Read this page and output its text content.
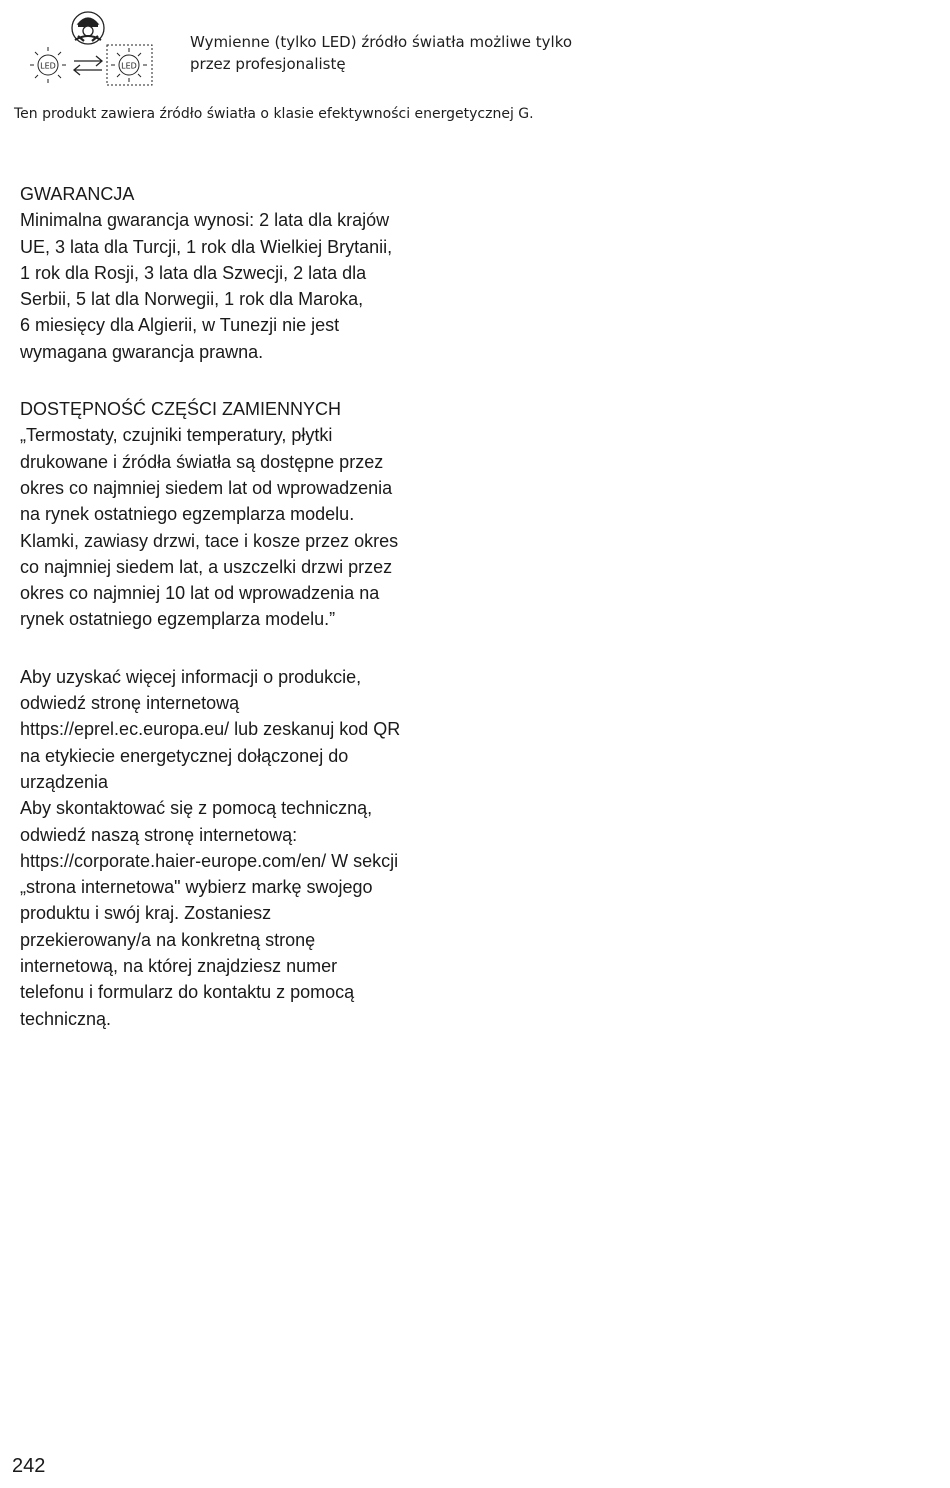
LED	LED
Wymienne (tylko LED) źródło światła możliwe tylko
przez profesjonalistę
Ten produkt zawiera źródło światła o klasie efektywności energetycznej G.
GWARANCJA
Minimalna gwarancja wynosi: 2 lata dla krajów
UE, 3 lata dla Turcji, 1 rok dla Wielkiej Brytanii,
1 rok dla Rosji, 3 lata dla Szwecji, 2 lata dla
Serbii, 5 lat dla Norwegii, 1 rok dla Maroka,
6 miesięcy dla Algierii, w Tunezji nie jest
wymagana gwarancja prawna.
DOSTĘPNOŚĆ CZĘŚCI ZAMIENNYCH
„Termostaty, czujniki temperatury, płytki
drukowane i źródła światła są dostępne przez
okres co najmniej siedem lat od wprowadzenia
na rynek ostatniego egzemplarza modelu.
Klamki, zawiasy drzwi, tace i kosze przez okres
co najmniej siedem lat, a uszczelki drzwi przez
okres co najmniej 10 lat od wprowadzenia na
rynek ostatniego egzemplarza modelu.”
Aby uzyskać więcej informacji o produkcie,
odwiedź stronę internetową
https://eprel.ec.europa.eu/ lub zeskanuj kod QR
na etykiecie energetycznej dołączonej do
urządzenia
Aby skontaktować się z pomocą techniczną,
odwiedź naszą stronę internetową:
https://corporate.haier-europe.com/en/ W sekcji
„strona internetowa" wybierz markę swojego
produktu i swój kraj. Zostaniesz
przekierowany/a na konkretną stronę
internetową, na której znajdziesz numer
telefonu i formularz do kontaktu z pomocą
techniczną.
242
